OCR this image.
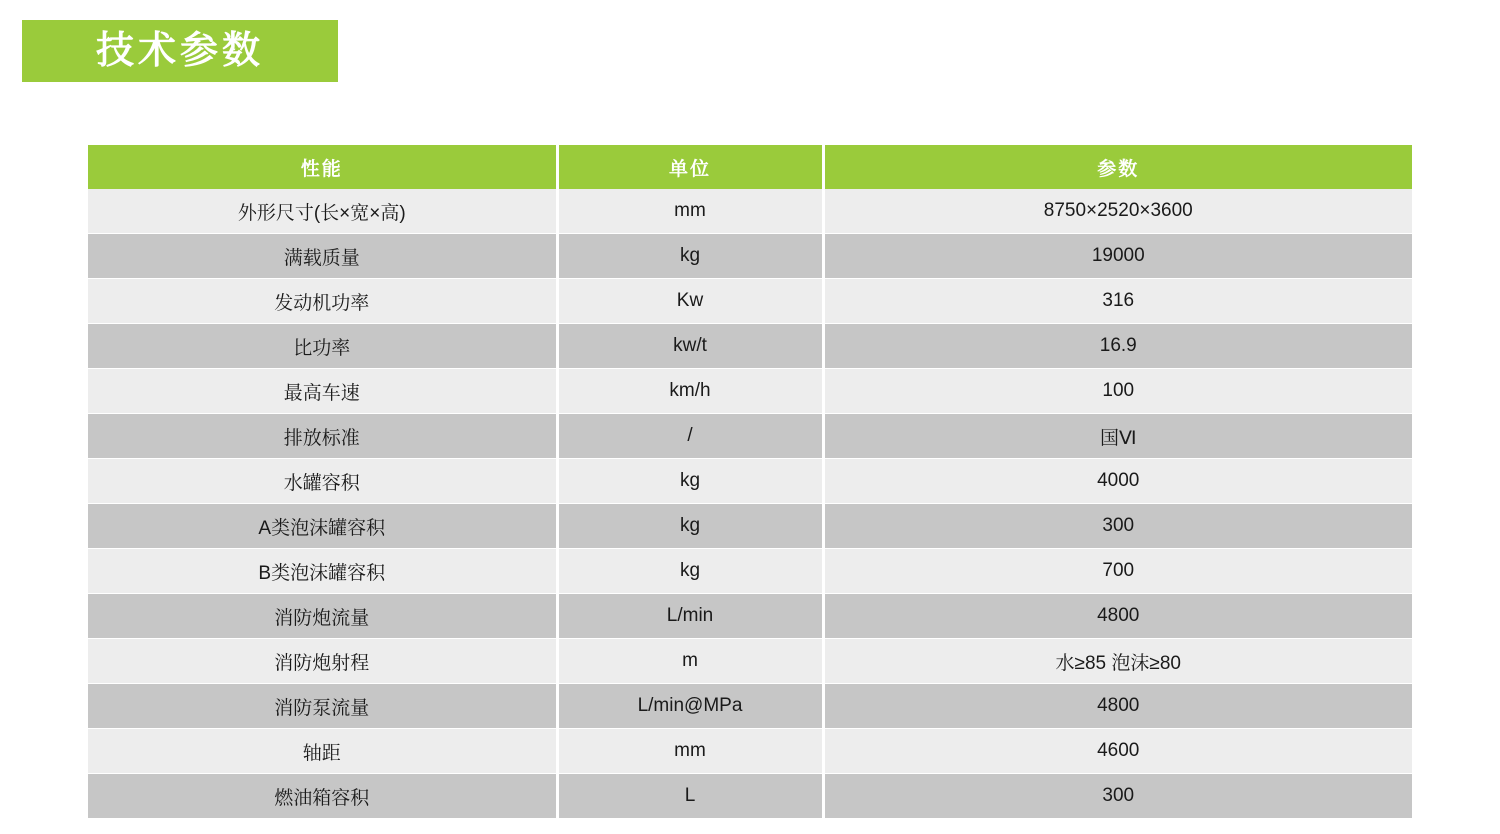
技术参数
性能	单位	参数
外形尺寸(长×宽×高)	mm	8750×2520×3600
满载质量	kg	19000
发动机功率	Kw	316
比功率	kw/t	16.9
最高车速	km/h	100
排放标准	/	国Ⅵ
水罐容积	kg	4000
A类泡沫罐容积	kg	300
B类泡沫罐容积	kg	700
消防炮流量	L/min	4800
消防炮射程	m	水≥85 泡沫≥80
消防泵流量	L/min@MPa	4800
轴距	mm	4600
燃油箱容积	L	300
